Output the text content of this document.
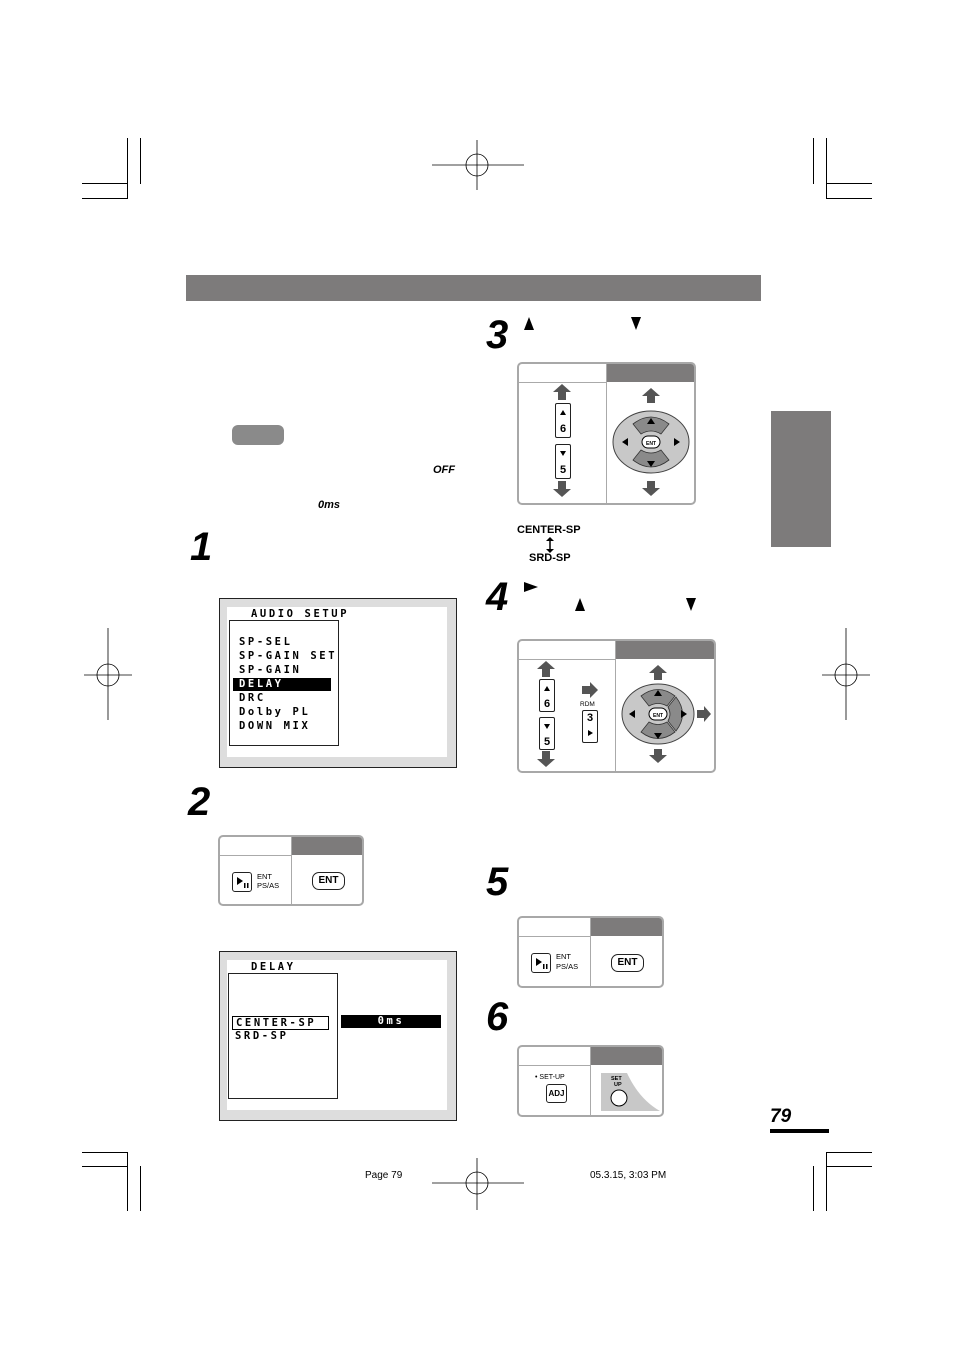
OFF
0ms
1
2
3
4
5
6
AUDIO SETUP
SP-SEL
SP-GAIN SET
SP-GAIN
DELAY
DRC
Dolby PL
DOWN MIX
ENT
PS/AS	ENT
DELAY
CENTER-SP
SRD-SP
0ms
6
5
ENT
CENTER-SP
SRD-SP
6
5
RDM
3	ENT
ENT
PS/AS	ENT
• SET-UP
ADJ
SET
UP
79
Page 79	05.3.15, 3:03 PM
